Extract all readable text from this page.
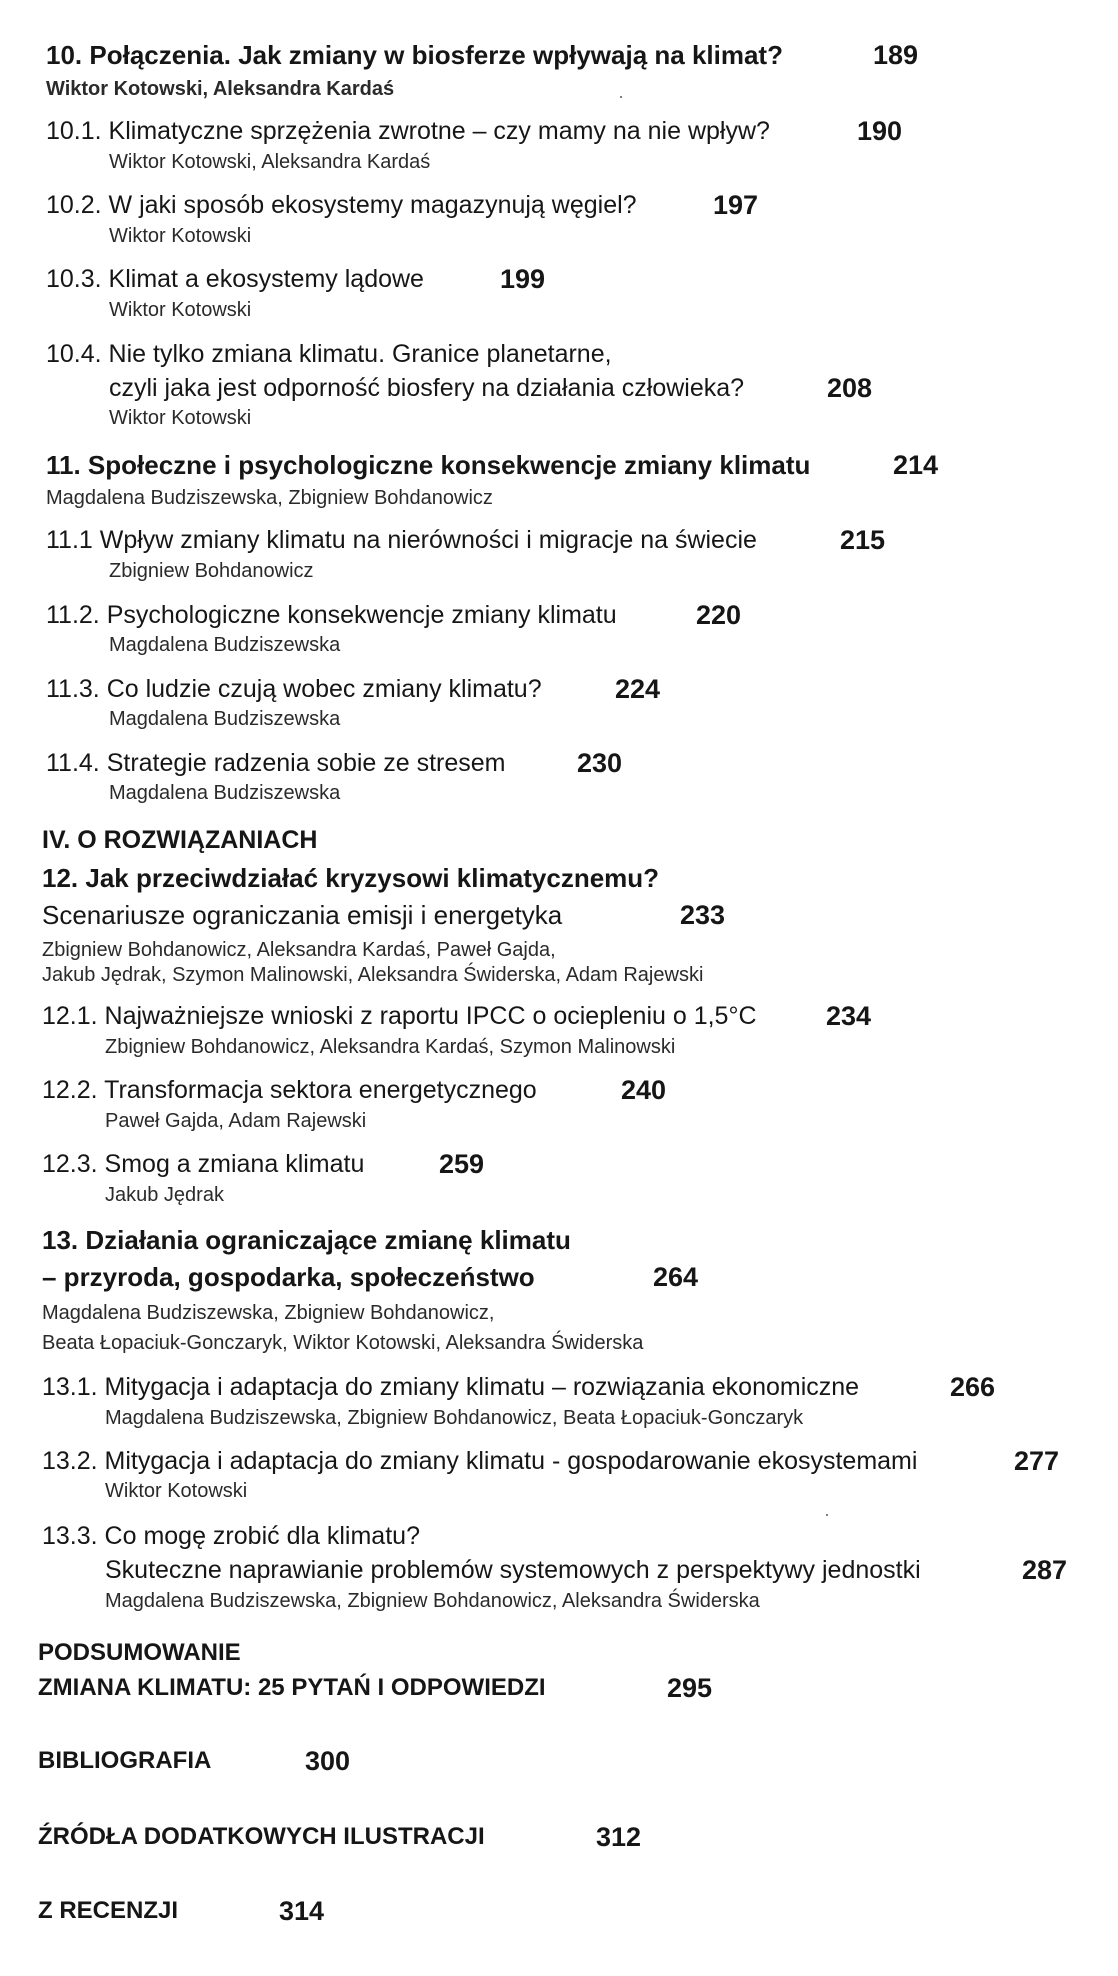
10. Połączenia. Jak zmiany w biosferze wpływają na klimat?	189
Wiktor Kotowski, Aleksandra Kardaś
10.1. Klimatyczne sprzężenia zwrotne – czy mamy na nie wpływ?	190
Wiktor Kotowski, Aleksandra Kardaś
10.2. W jaki sposób ekosystemy magazynują węgiel?	197
Wiktor Kotowski
10.3. Klimat a ekosystemy lądowe	199
Wiktor Kotowski
10.4. Nie tylko zmiana klimatu. Granice planetarne,
czyli jaka jest odporność biosfery na działania człowieka?	208
Wiktor Kotowski
11. Społeczne i psychologiczne konsekwencje zmiany klimatu	214
Magdalena Budziszewska, Zbigniew Bohdanowicz
11.1 Wpływ zmiany klimatu na nierówności i migracje na świecie	215
Zbigniew Bohdanowicz
11.2. Psychologiczne konsekwencje zmiany klimatu	220
Magdalena Budziszewska
11.3. Co ludzie czują wobec zmiany klimatu?	224
Magdalena Budziszewska
11.4. Strategie radzenia sobie ze stresem	230
Magdalena Budziszewska
IV. O ROZWIĄZANIACH
12. Jak przeciwdziałać kryzysowi klimatycznemu?
Scenariusze ograniczania emisji i energetyka	233
Zbigniew Bohdanowicz, Aleksandra Kardaś, Paweł Gajda,
Jakub Jędrak, Szymon Malinowski, Aleksandra Świderska, Adam Rajewski
12.1. Najważniejsze wnioski z raportu IPCC o ociepleniu o 1,5°C	234
Zbigniew Bohdanowicz, Aleksandra Kardaś, Szymon Malinowski
12.2. Transformacja sektora energetycznego	240
Paweł Gajda, Adam Rajewski
12.3. Smog a zmiana klimatu	259
Jakub Jędrak
13. Działania ograniczające zmianę klimatu
– przyroda, gospodarka, społeczeństwo	264
Magdalena Budziszewska, Zbigniew Bohdanowicz,
Beata Łopaciuk-Gonczaryk, Wiktor Kotowski, Aleksandra Świderska
13.1. Mitygacja i adaptacja do zmiany klimatu – rozwiązania ekonomiczne	266
Magdalena Budziszewska, Zbigniew Bohdanowicz, Beata Łopaciuk-Gonczaryk
13.2. Mitygacja i adaptacja do zmiany klimatu - gospodarowanie ekosystemami	277
Wiktor Kotowski
13.3. Co mogę zrobić dla klimatu?
Skuteczne naprawianie problemów systemowych z perspektywy jednostki	287
Magdalena Budziszewska, Zbigniew Bohdanowicz, Aleksandra Świderska
PODSUMOWANIE
ZMIANA KLIMATU: 25 PYTAŃ I ODPOWIEDZI	295
BIBLIOGRAFIA	300
ŹRÓDŁA DODATKOWYCH ILUSTRACJI	312
Z RECENZJI	314
